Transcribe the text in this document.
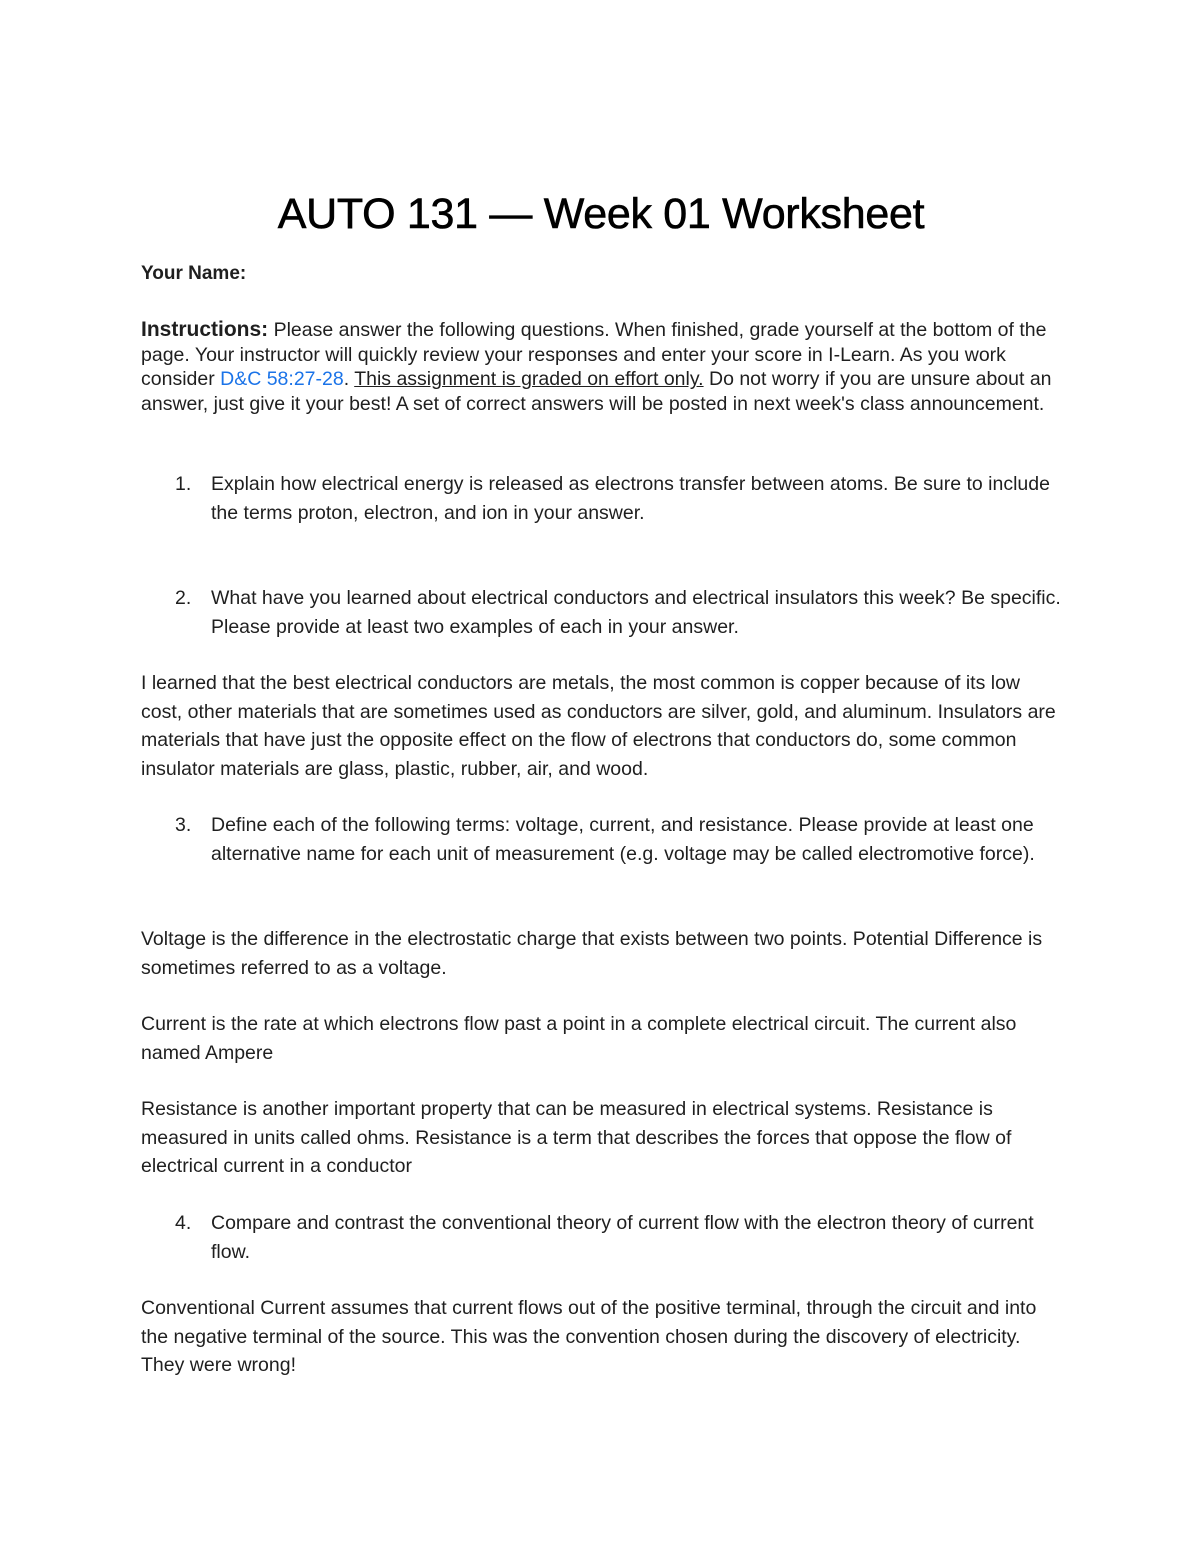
AUTO 131 — Week 01 Worksheet
Your Name:

Instructions: Please answer the following questions. When finished, grade yourself at the bottom of the page. Your instructor will quickly review your responses and enter your score in I-Learn. As you work consider D&C 58:27-28. This assignment is graded on effort only. Do not worry if you are unsure about an answer, just give it your best! A set of correct answers will be posted in next week's class announcement.

1. Explain how electrical energy is released as electrons transfer between atoms. Be sure to include the terms proton, electron, and ion in your answer.
2. What have you learned about electrical conductors and electrical insulators this week? Be specific. Please provide at least two examples of each in your answer.

I learned that the best electrical conductors are metals, the most common is copper because of its low cost, other materials that are sometimes used as conductors are silver, gold, and aluminum. Insulators are materials that have just the opposite effect on the flow of electrons that conductors do, some common insulator materials are glass, plastic, rubber, air, and wood.

3. Define each of the following terms: voltage, current, and resistance. Please provide at least one alternative name for each unit of measurement (e.g. voltage may be called electromotive force).

Voltage is the difference in the electrostatic charge that exists between two points. Potential Difference is sometimes referred to as a voltage.

Current is the rate at which electrons flow past a point in a complete electrical circuit. The current also named Ampere

Resistance is another important property that can be measured in electrical systems. Resistance is measured in units called ohms. Resistance is a term that describes the forces that oppose the flow of electrical current in a conductor

4. Compare and contrast the conventional theory of current flow with the electron theory of current flow.

Conventional Current assumes that current flows out of the positive terminal, through the circuit and into the negative terminal of the source. This was the convention chosen during the discovery of electricity. They were wrong!
